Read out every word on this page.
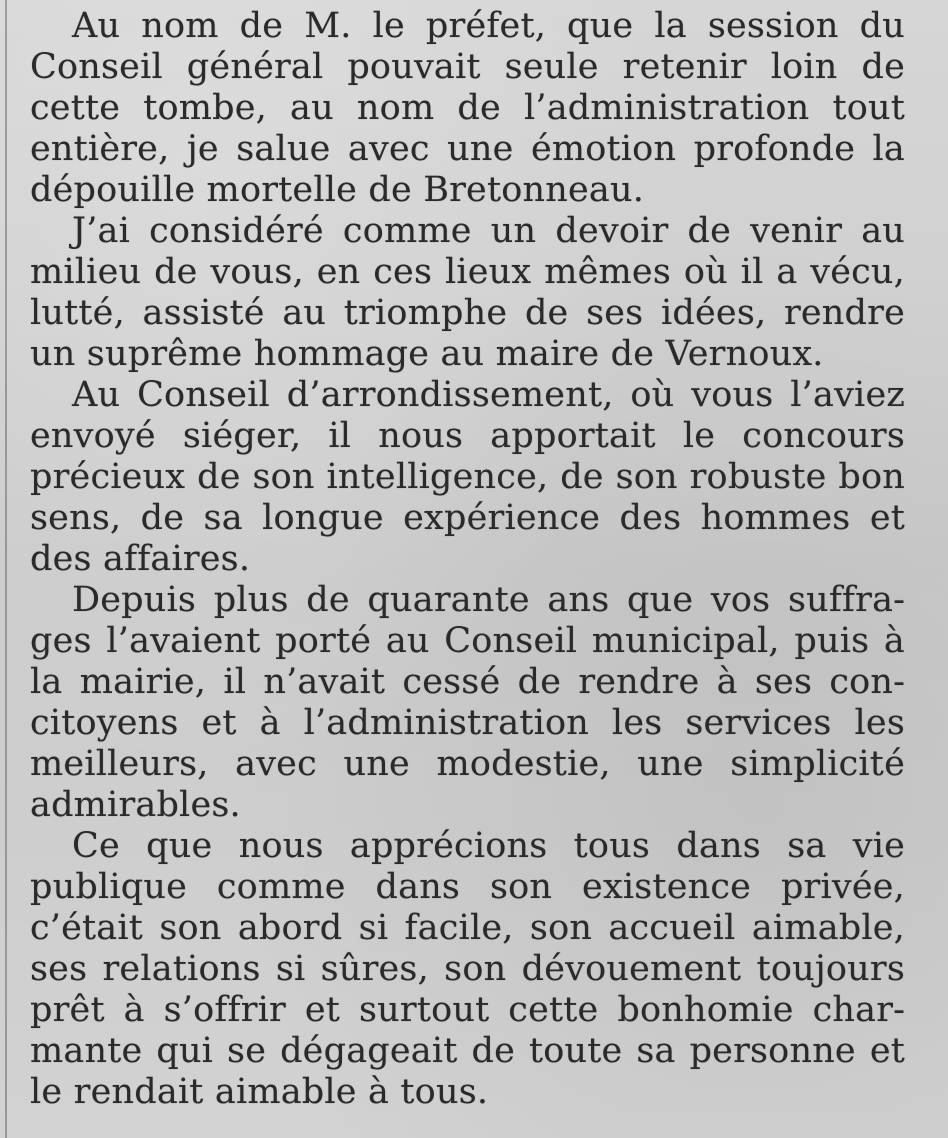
Au nom de M. le préfet, que la session du Conseil général pouvait seule retenir loin de cette tombe, au nom de l’administration tout entière, je salue avec une émotion profonde la dépouille mortelle de Bretonneau.

J’ai considéré comme un devoir de venir au milieu de vous, en ces lieux mêmes où il a vécu, lutté, assisté au triomphe de ses idées, rendre un suprême hommage au maire de Vernoux.

Au Conseil d’arrondissement, où vous l’aviez envoyé siéger, il nous apportait le concours précieux de son intelligence, de son robuste bon sens, de sa longue expérience des hommes et des affaires.

Depuis plus de quarante ans que vos suffrages l’avaient porté au Conseil municipal, puis à la mairie, il n’avait cessé de rendre à ses concitoyens et à l’administration les services les meilleurs, avec une modestie, une simplicité admirables.

Ce que nous apprécions tous dans sa vie publique comme dans son existence privée, c’était son abord si facile, son accueil aimable, ses relations si sûres, son dévouement toujours prêt à s’offrir et surtout cette bonhomie charmante qui se dégageait de toute sa personne et le rendait aimable à tous.
